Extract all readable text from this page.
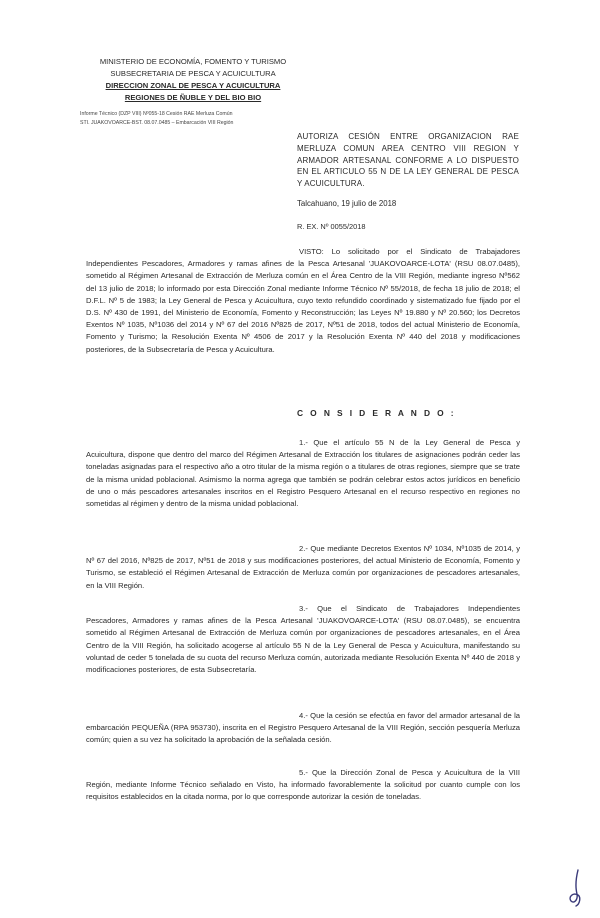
MINISTERIO DE ECONOMÍA, FOMENTO Y TURISMO
SUBSECRETARIA DE PESCA Y ACUICULTURA
DIRECCION ZONAL DE PESCA Y ACUICULTURA
REGIONES DE ÑUBLE Y DEL BIO BIO
Informe Técnico (DZP VIII) Nº055-18 Cesión RAE Merluza Común
STI. JUAKOVOARCE-BST. 08.07.0485 – Embarcación VIII Región
AUTORIZA CESIÓN ENTRE ORGANIZACION RAE MERLUZA COMUN AREA CENTRO VIII REGION Y ARMADOR ARTESANAL CONFORME A LO DISPUESTO EN EL ARTICULO 55 N DE LA LEY GENERAL DE PESCA Y ACUICULTURA.
Talcahuano, 19 julio de 2018
R. EX. Nº 0055/2018
VISTO: Lo solicitado por el Sindicato de Trabajadores Independientes Pescadores, Armadores y ramas afines de la Pesca Artesanal 'JUAKOVOARCE-LOTA' (RSU 08.07.0485), sometido al Régimen Artesanal de Extracción de Merluza común en el Área Centro de la VIII Región, mediante ingreso Nº562 del 13 julio de 2018; lo informado por esta Dirección Zonal mediante Informe Técnico Nº 55/2018, de fecha 18 julio de 2018; el D.F.L. Nº 5 de 1983; la Ley General de Pesca y Acuicultura, cuyo texto refundido coordinado y sistematizado fue fijado por el D.S. Nº 430 de 1991, del Ministerio de Economía, Fomento y Reconstrucción; las Leyes Nº 19.880 y Nº 20.560; los Decretos Exentos Nº 1035, Nº1036 del 2014 y Nº 67 del 2016 Nº825 de 2017, Nº51 de 2018, todos del actual Ministerio de Economía, Fomento y Turismo; la Resolución Exenta Nº 4506 de 2017 y la Resolución Exenta Nº 440 del 2018 y modificaciones posteriores, de la Subsecretaría de Pesca y Acuicultura.
C O N S I D E R A N D O :
1.- Que el artículo 55 N de la Ley General de Pesca y Acuicultura, dispone que dentro del marco del Régimen Artesanal de Extracción los titulares de asignaciones podrán ceder las toneladas asignadas para el respectivo año a otro titular de la misma región o a titulares de otras regiones, siempre que se trate de la misma unidad poblacional. Asimismo la norma agrega que también se podrán celebrar estos actos jurídicos en beneficio de uno o más pescadores artesanales inscritos en el Registro Pesquero Artesanal en el recurso respectivo en regiones no sometidas al régimen y dentro de la misma unidad poblacional.
2.- Que mediante Decretos Exentos Nº 1034, Nº1035 de 2014, y Nº 67 del 2016, Nº825 de 2017, Nº51 de 2018 y sus modificaciones posteriores, del actual Ministerio de Economía, Fomento y Turismo, se estableció el Régimen Artesanal de Extracción de Merluza común por organizaciones de pescadores artesanales, en la VIII Región.
3.- Que el Sindicato de Trabajadores Independientes Pescadores, Armadores y ramas afines de la Pesca Artesanal 'JUAKOVOARCE-LOTA' (RSU 08.07.0485), se encuentra sometido al Régimen Artesanal de Extracción de Merluza común por organizaciones de pescadores artesanales, en el Área Centro de la VIII Región, ha solicitado acogerse al artículo 55 N de la Ley General de Pesca y Acuicultura, manifestando su voluntad de ceder 5 tonelada de su cuota del recurso Merluza común, autorizada mediante Resolución Exenta Nº 440 de 2018 y modificaciones posteriores, de esta Subsecretaría.
4.- Que la cesión se efectúa en favor del armador artesanal de la embarcación PEQUEÑA (RPA 953730), inscrita en el Registro Pesquero Artesanal de la VIII Región, sección pesquería Merluza común; quien a su vez ha solicitado la aprobación de la señalada cesión.
5.- Que la Dirección Zonal de Pesca y Acuicultura de la VIII Región, mediante Informe Técnico señalado en Visto, ha informado favorablemente la solicitud por cuanto cumple con los requisitos establecidos en la citada norma, por lo que corresponde autorizar la cesión de toneladas.
